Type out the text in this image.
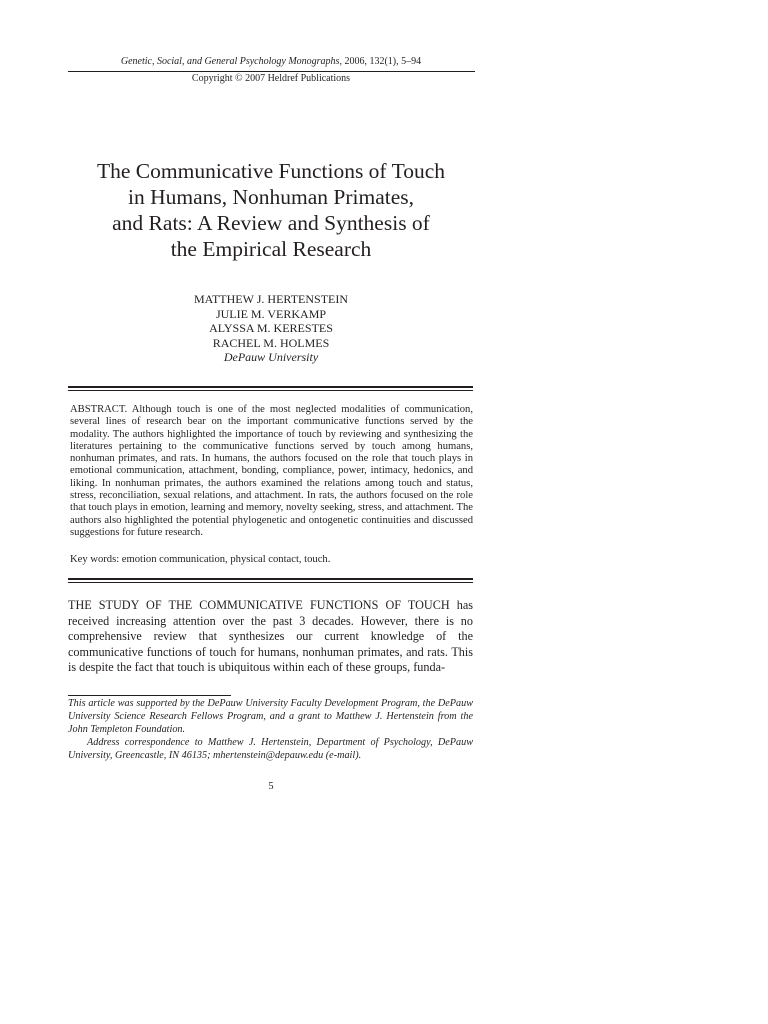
Genetic, Social, and General Psychology Monographs, 2006, 132(1), 5–94
Copyright © 2007 Heldref Publications
The Communicative Functions of Touch
in Humans, Nonhuman Primates,
and Rats: A Review and Synthesis of
the Empirical Research
MATTHEW J. HERTENSTEIN
JULIE M. VERKAMP
ALYSSA M. KERESTES
RACHEL M. HOLMES
DePauw University

ABSTRACT. Although touch is one of the most neglected modalities of communication, several lines of research bear on the important communicative functions served by the modality. The authors highlighted the importance of touch by reviewing and synthesizing the literatures pertaining to the communicative functions served by touch among humans, nonhuman primates, and rats. In humans, the authors focused on the role that touch plays in emotional communication, attachment, bonding, compliance, power, intimacy, hedonics, and liking. In nonhuman primates, the authors examined the relations among touch and status, stress, reconciliation, sexual relations, and attachment. In rats, the authors focused on the role that touch plays in emotion, learning and memory, novelty seeking, stress, and attachment. The authors also highlighted the potential phylogenetic and ontogenetic continuities and discussed suggestions for future research.

Key words: emotion communication, physical contact, touch.

THE STUDY OF THE COMMUNICATIVE FUNCTIONS OF TOUCH has received increasing attention over the past 3 decades. However, there is no comprehensive review that synthesizes our current knowledge of the communicative functions of touch for humans, nonhuman primates, and rats. This is despite the fact that touch is ubiquitous within each of these groups, funda-

This article was supported by the DePauw University Faculty Development Program, the DePauw University Science Research Fellows Program, and a grant to Matthew J. Hertenstein from the John Templeton Foundation.

Address correspondence to Matthew J. Hertenstein, Department of Psychology, DePauw University, Greencastle, IN 46135; mhertenstein@depauw.edu (e-mail).

5
